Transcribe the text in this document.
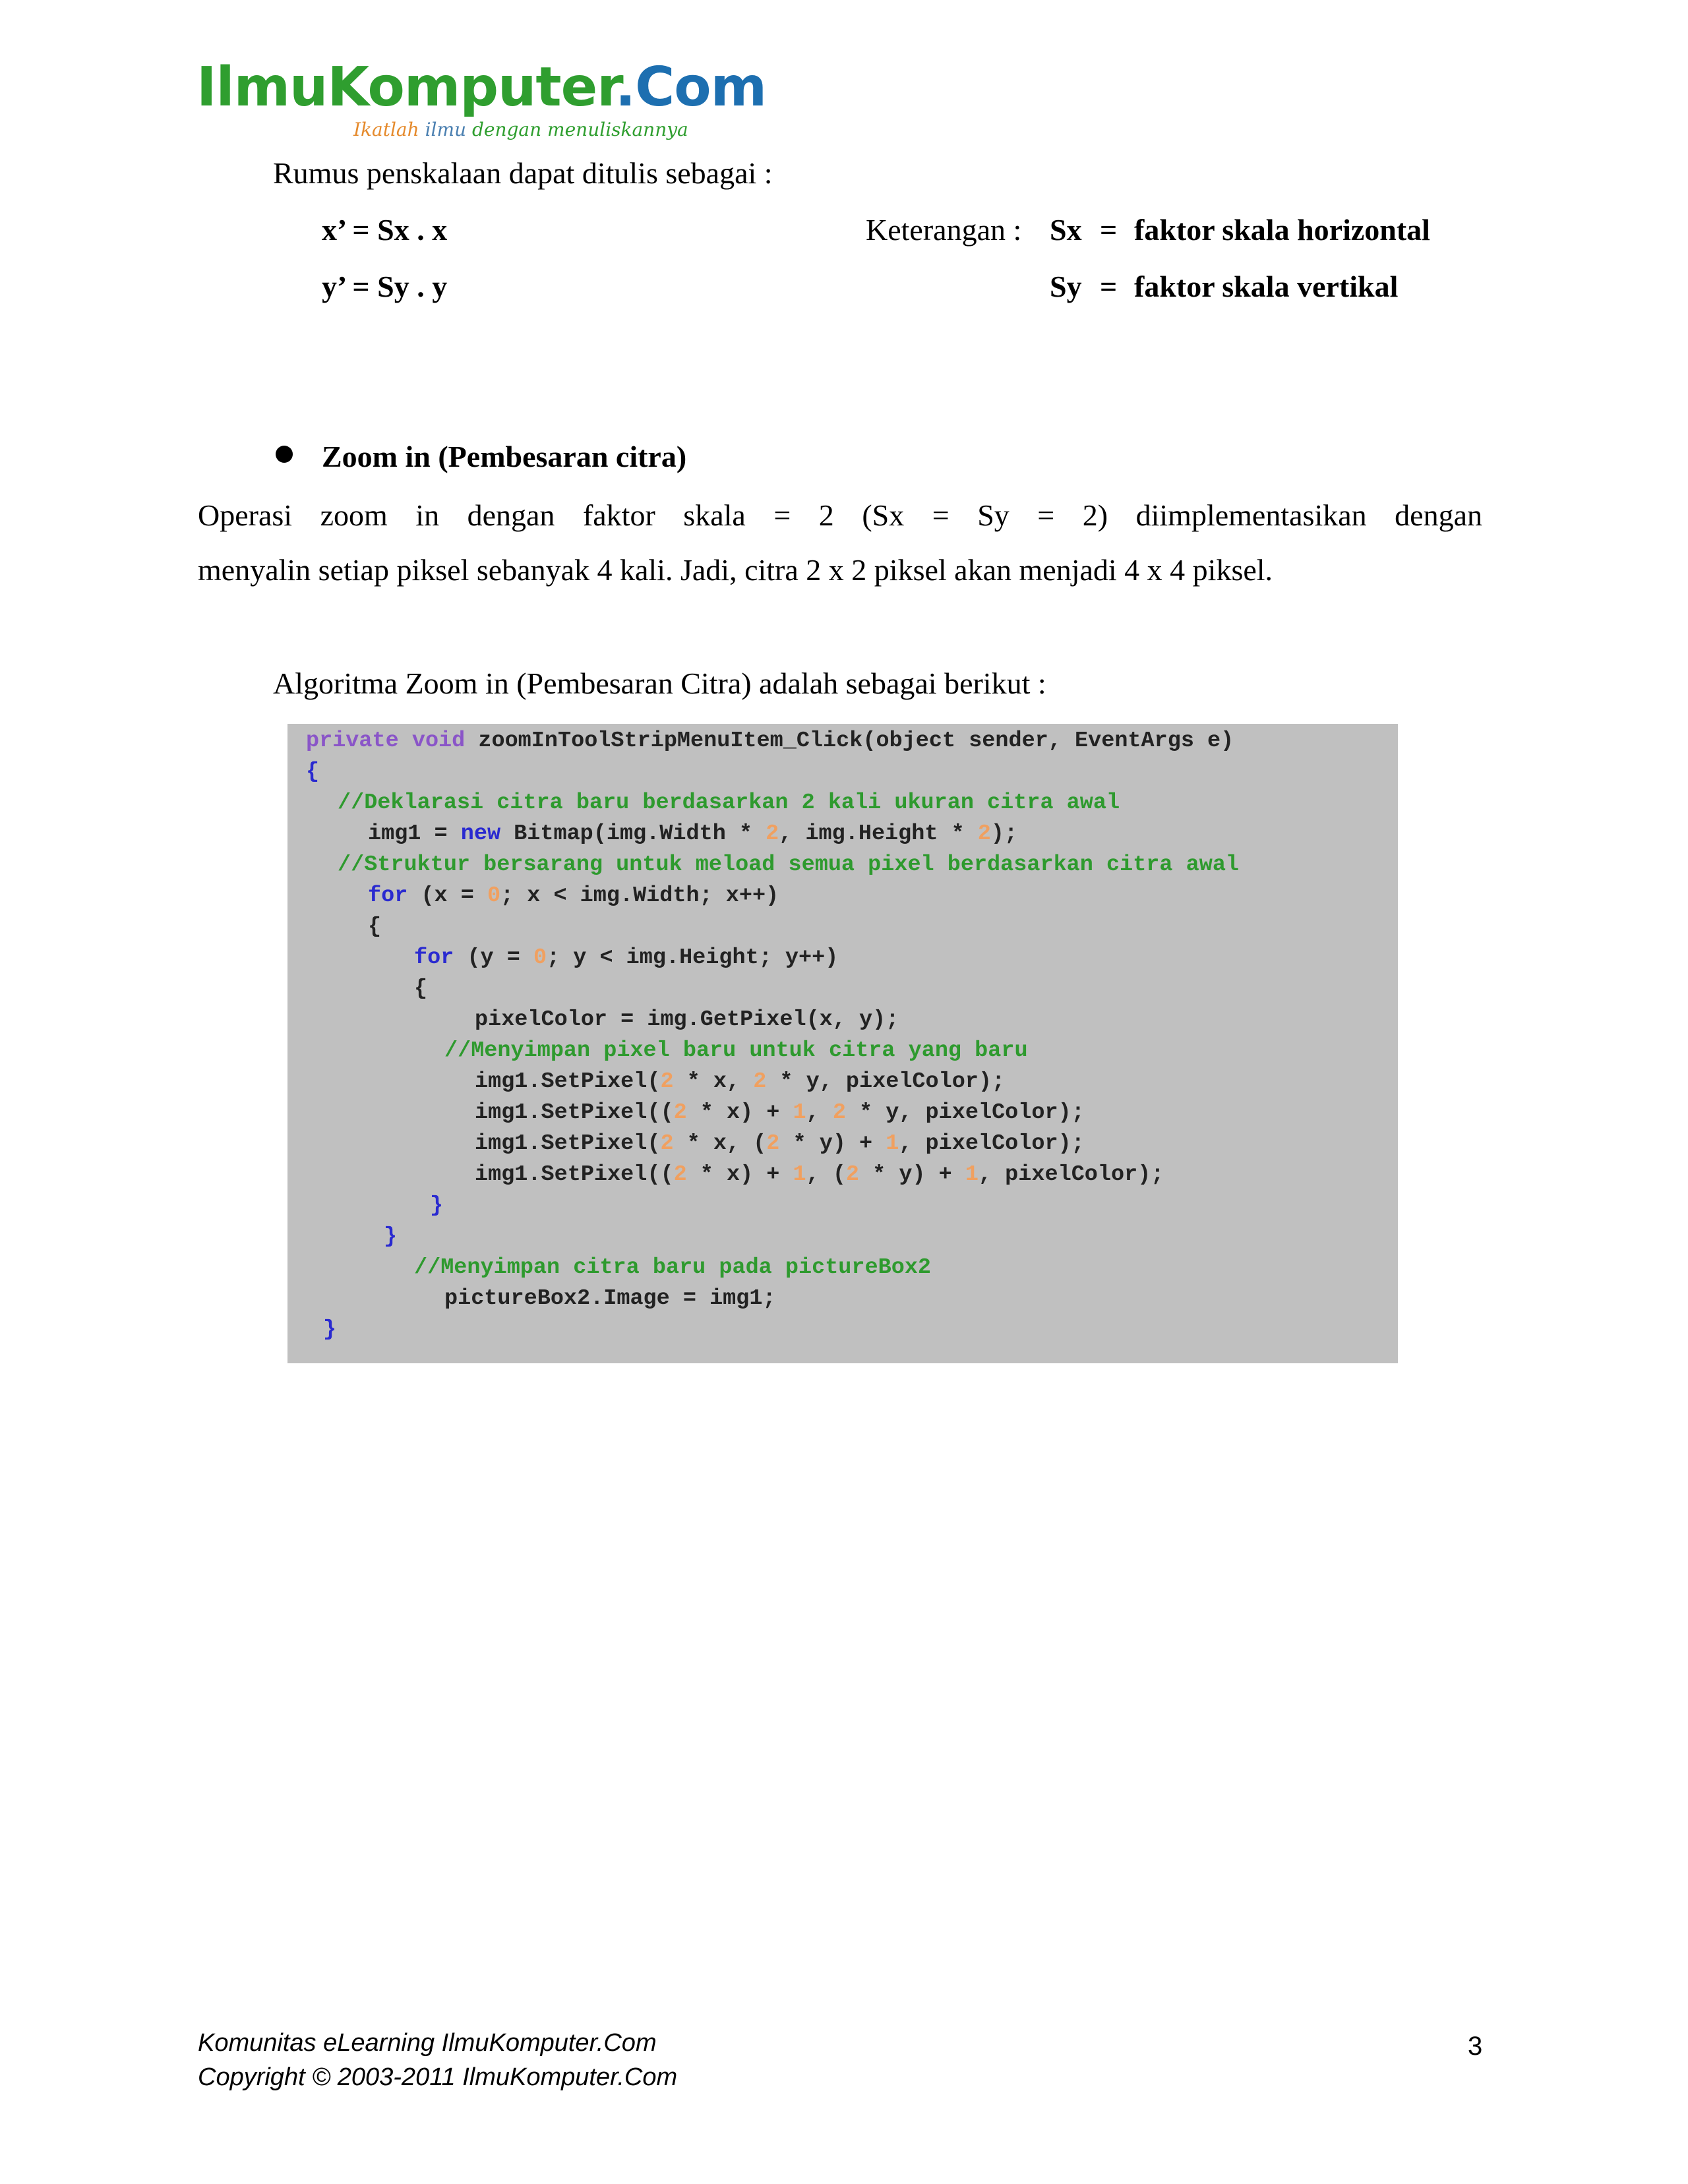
IlmuKomputer.Com
Ikatlah ilmu dengan menuliskannya
Rumus penskalaan dapat ditulis sebagai :
x’ = Sx . x
y’ = Sy . y
Keterangan : Sx = faktor skala horizontal
Sy = faktor skala vertikal
Zoom in (Pembesaran citra)
Operasi zoom in dengan faktor skala = 2 (Sx = Sy = 2) diimplementasikan dengan
menyalin setiap piksel sebanyak 4 kali. Jadi, citra 2 x 2 piksel akan menjadi 4 x 4 piksel.
Algoritma Zoom in (Pembesaran Citra) adalah sebagai berikut :
private void zoomInToolStripMenuItem_Click(object sender, EventArgs e)
{
//Deklarasi citra baru berdasarkan 2 kali ukuran citra awal
img1 = new Bitmap(img.Width * 2, img.Height * 2);
//Struktur bersarang untuk meload semua pixel berdasarkan citra awal
for (x = 0; x < img.Width; x++)
{
for (y = 0; y < img.Height; y++)
{
pixelColor = img.GetPixel(x, y);
//Menyimpan pixel baru untuk citra yang baru
img1.SetPixel(2 * x, 2 * y, pixelColor);
img1.SetPixel((2 * x) + 1, 2 * y, pixelColor);
img1.SetPixel(2 * x, (2 * y) + 1, pixelColor);
img1.SetPixel((2 * x) + 1, (2 * y) + 1, pixelColor);
}
}
//Menyimpan citra baru pada pictureBox2
pictureBox2.Image = img1;
}
Komunitas eLearning IlmuKomputer.Com
Copyright © 2003-2011 IlmuKomputer.Com
3
